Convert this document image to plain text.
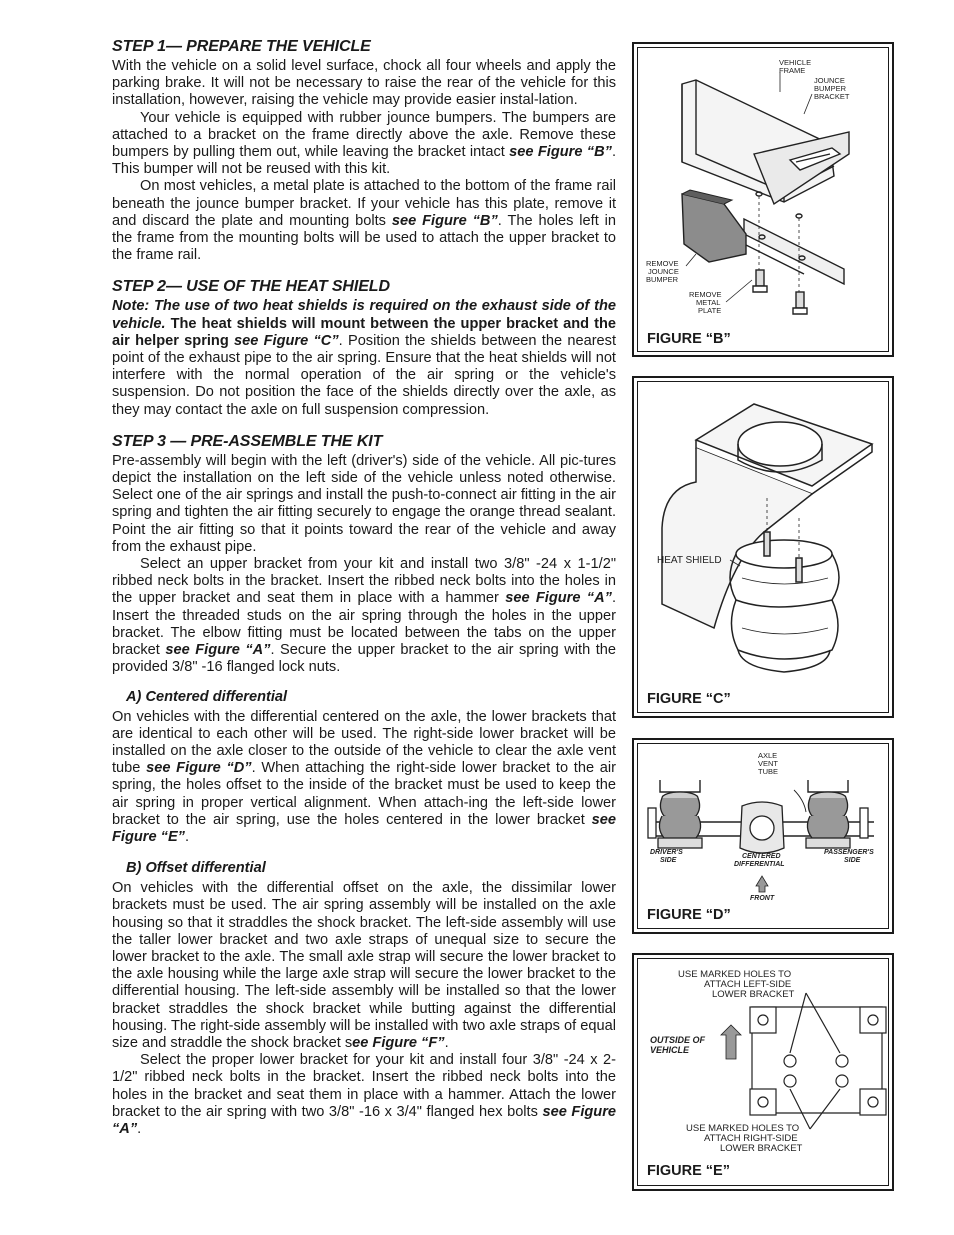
STEP 1— PREPARE THE VEHICLE

With the vehicle on a solid level surface, chock all four wheels and apply the parking brake. It will not be necessary to raise the rear of the vehicle for this installation, however, raising the vehicle may provide easier instal-lation.

Your vehicle is equipped with rubber jounce bumpers. The bumpers are attached to a bracket on the frame directly above the axle. Remove these bumpers by pulling them out, while leaving the bracket intact see Figure “B”. This bumper will not be reused with this kit.

On most vehicles, a metal plate is attached to the bottom of the frame rail beneath the jounce bumper bracket. If your vehicle has this plate, remove it and discard the plate and mounting bolts see Figure “B”. The holes left in the frame from the mounting bolts will be used to attach the upper bracket to the frame rail.

STEP 2— USE OF THE HEAT SHIELD

Note: The use of two heat shields is required on the exhaust side of the vehicle. The heat shields will mount between the upper bracket and the air helper spring see Figure “C”. Position the shields between the nearest point of the exhaust pipe to the air spring. Ensure that the heat shields will not interfere with the normal operation of the air spring or the vehicle's suspension. Do not position the face of the shields directly over the axle, as they may contact the axle on full suspension compression.

STEP 3 — PRE-ASSEMBLE THE KIT

Pre-assembly will begin with the left (driver's) side of the vehicle. All pic-tures depict the installation on the left side of the vehicle unless noted otherwise. Select one of the air springs and install the push-to-connect air fitting in the air spring and tighten the air fitting securely to engage the orange thread sealant. Point the air fitting so that it points toward the rear of the vehicle and away from the exhaust pipe.

Select an upper bracket from your kit and install two 3/8" -24 x 1-1/2" ribbed neck bolts in the bracket. Insert the ribbed neck bolts into the holes in the upper bracket and seat them in place with a hammer see Figure “A”. Insert the threaded studs on the air spring through the holes in the upper bracket. The elbow fitting must be located between the tabs on the upper bracket see Figure “A”. Secure the upper bracket to the air spring with the provided 3/8" -16 flanged lock nuts.

A) Centered differential

On vehicles with the differential centered on the axle, the lower brackets that are identical to each other will be used. The right-side lower bracket will be installed on the axle closer to the outside of the vehicle to clear the axle vent tube see Figure “D”. When attaching the right-side lower bracket to the air spring, the holes offset to the inside of the bracket must be used to keep the air spring in proper vertical alignment. When attach-ing the left-side lower bracket to the air spring, use the holes centered in the lower bracket see Figure “E”.

B) Offset differential

On vehicles with the differential offset on the axle, the dissimilar lower brackets must be used. The air spring assembly will be installed on the axle housing so that it straddles the shock bracket. The left-side assembly will use the taller lower bracket and two axle straps of unequal size to secure the lower bracket to the axle. The small axle strap will secure the lower bracket to the axle housing while the large axle strap will secure the lower bracket to the differential housing. The left-side assembly will be installed so that the lower bracket straddles the shock bracket while butting against the differential housing. The right-side assembly will be installed with two axle straps of equal size and straddle the shock bracket see Figure “F”.

Select the proper lower bracket for your kit and install four 3/8" -24 x 2-1/2" ribbed neck bolts in the bracket. Insert the ribbed neck bolts into the holes in the bracket and seat them in place with a hammer. Attach the lower bracket to the air spring with two 3/8" -16 x 3/4" flanged hex bolts see Figure “A”.

VEHICLE
FRAME
JOUNCE
BUMPER
BRACKET
REMOVE
JOUNCE
BUMPER
REMOVE
METAL
PLATE
FIGURE “B”
HEAT SHIELD
FIGURE “C”
AXLE
VENT
TUBE
DRIVER'S
SIDE
CENTERED
DIFFERENTIAL
PASSENGER'S
SIDE
FRONT
FIGURE “D”
USE MARKED HOLES TO
ATTACH LEFT-SIDE
LOWER BRACKET
OUTSIDE OF
VEHICLE
USE MARKED HOLES TO
ATTACH RIGHT-SIDE
LOWER BRACKET
FIGURE “E”
